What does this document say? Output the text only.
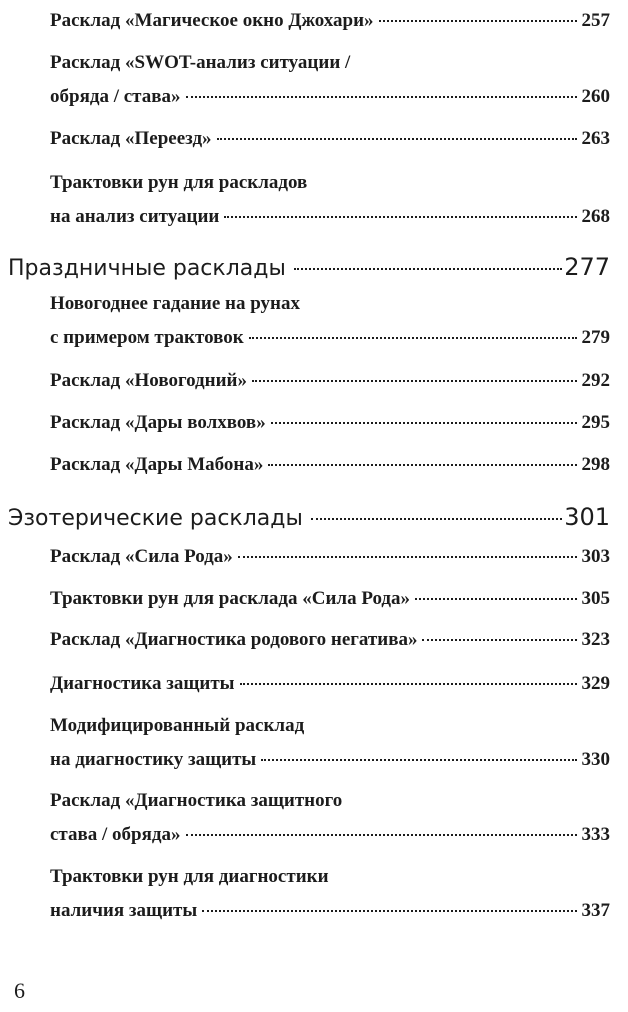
Расклад «Магическое окно Джохари»	257
Расклад «SWOT-анализ ситуации /
обряда / става»	260
Расклад «Переезд»	263
Трактовки рун для раскладов
на анализ ситуации	268
Праздничные расклады	277
Новогоднее гадание на рунах
с примером трактовок	279
Расклад «Новогодний»	292
Расклад «Дары волхвов»	295
Расклад «Дары Мабона»	298
Эзотерические расклады	301
Расклад «Сила Рода»	303
Трактовки рун для расклада «Сила Рода»	305
Расклад «Диагностика родового негатива»	323
Диагностика защиты	329
Модифицированный расклад
на диагностику защиты	330
Расклад «Диагностика защитного
става / обряда»	333
Трактовки рун для диагностики
наличия защиты	337
6
